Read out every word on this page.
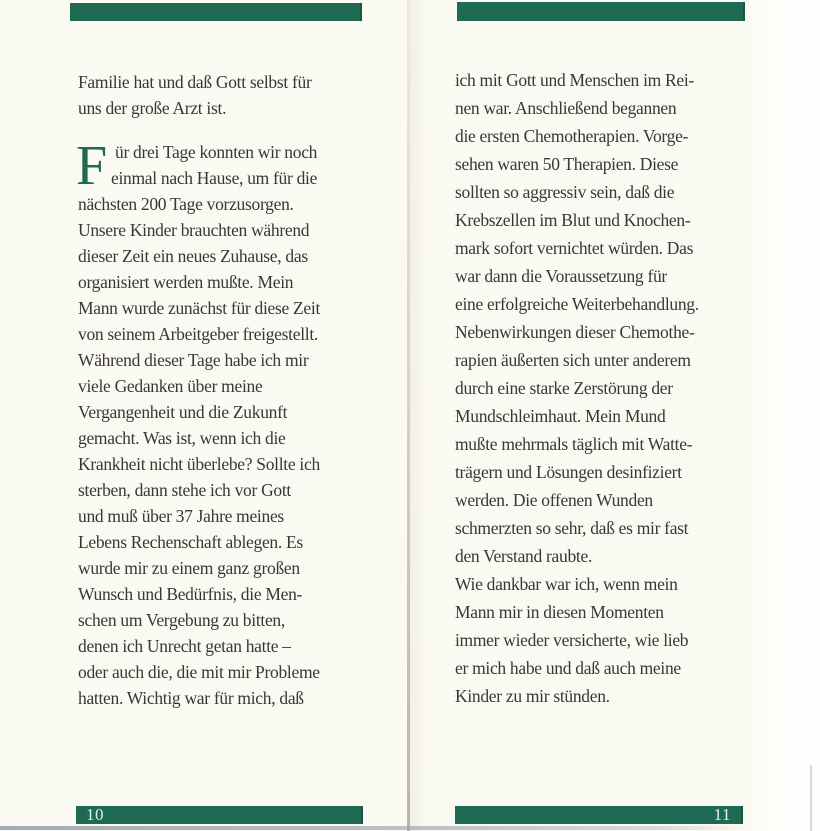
Familie hat und daß Gott selbst für
uns der große Arzt ist.
F ür drei Tage konnten wir noch
einmal nach Hause, um für die
nächsten 200 Tage vorzusorgen.
Unsere Kinder brauchten während
dieser Zeit ein neues Zuhause, das
organisiert werden mußte. Mein
Mann wurde zunächst für diese Zeit
von seinem Arbeitgeber freigestellt.
Während dieser Tage habe ich mir
viele Gedanken über meine
Vergangenheit und die Zukunft
gemacht. Was ist, wenn ich die
Krankheit nicht überlebe? Sollte ich
sterben, dann stehe ich vor Gott
und muß über 37 Jahre meines
Lebens Rechenschaft ablegen. Es
wurde mir zu einem ganz großen
Wunsch und Bedürfnis, die Men-
schen um Vergebung zu bitten,
denen ich Unrecht getan hatte –
oder auch die, die mit mir Probleme
hatten. Wichtig war für mich, daß
ich mit Gott und Menschen im Rei-
nen war. Anschließend begannen
die ersten Chemotherapien. Vorge-
sehen waren 50 Therapien. Diese
sollten so aggressiv sein, daß die
Krebszellen im Blut und Knochen-
mark sofort vernichtet würden. Das
war dann die Voraussetzung für
eine erfolgreiche Weiterbehandlung.
Nebenwirkungen dieser Chemothe-
rapien äußerten sich unter anderem
durch eine starke Zerstörung der
Mundschleimhaut. Mein Mund
mußte mehrmals täglich mit Watte-
trägern und Lösungen desinfiziert
werden. Die offenen Wunden
schmerzten so sehr, daß es mir fast
den Verstand raubte.
Wie dankbar war ich, wenn mein
Mann mir in diesen Momenten
immer wieder versicherte, wie lieb
er mich habe und daß auch meine
Kinder zu mir stünden.
10	11
